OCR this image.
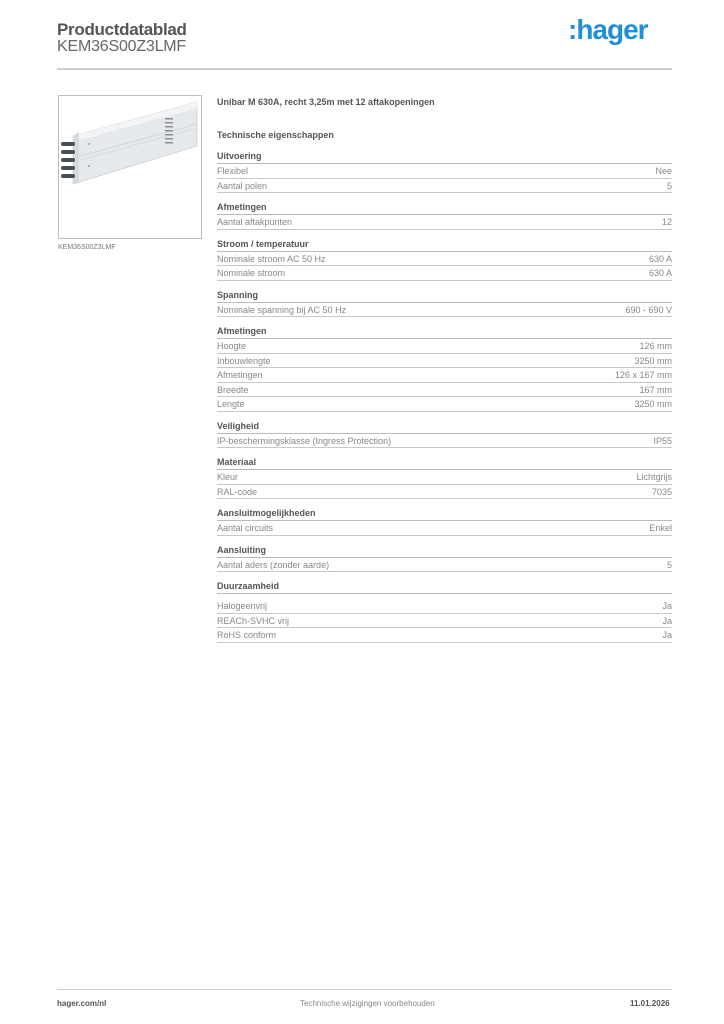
Productdatablad
KEM36S00Z3LMF
:hager
KEM36S00Z3LMF
Unibar M 630A, recht 3,25m met 12 aftakopeningen
Technische eigenschappen
Uitvoering
Flexibel	Nee
Aantal polen	5
Afmetingen
Aantal aftakpunten	12
Stroom / temperatuur
Nominale stroom AC 50 Hz	630 A
Nominale stroom	630 A
Spanning
Nominale spanning bij AC 50 Hz	690 - 690 V
Afmetingen
Hoogte	126 mm
Inbouwlengte	3250 mm
Afmetingen	126 x 167 mm
Breedte	167 mm
Lengte	3250 mm
Veiligheid
IP-beschermingsklasse (Ingress Protection)	IP55
Materiaal
Kleur	Lichtgrijs
RAL-code	7035
Aansluitmogelijkheden
Aantal circuits	Enkel
Aansluiting
Aantal aders (zonder aarde)	5
Duurzaamheid
Halogeenvrij	Ja
REACh-SVHC vrij	Ja
RoHS conform	Ja
hager.com/nl	Technische wijzigingen voorbehouden	11.01.2026
